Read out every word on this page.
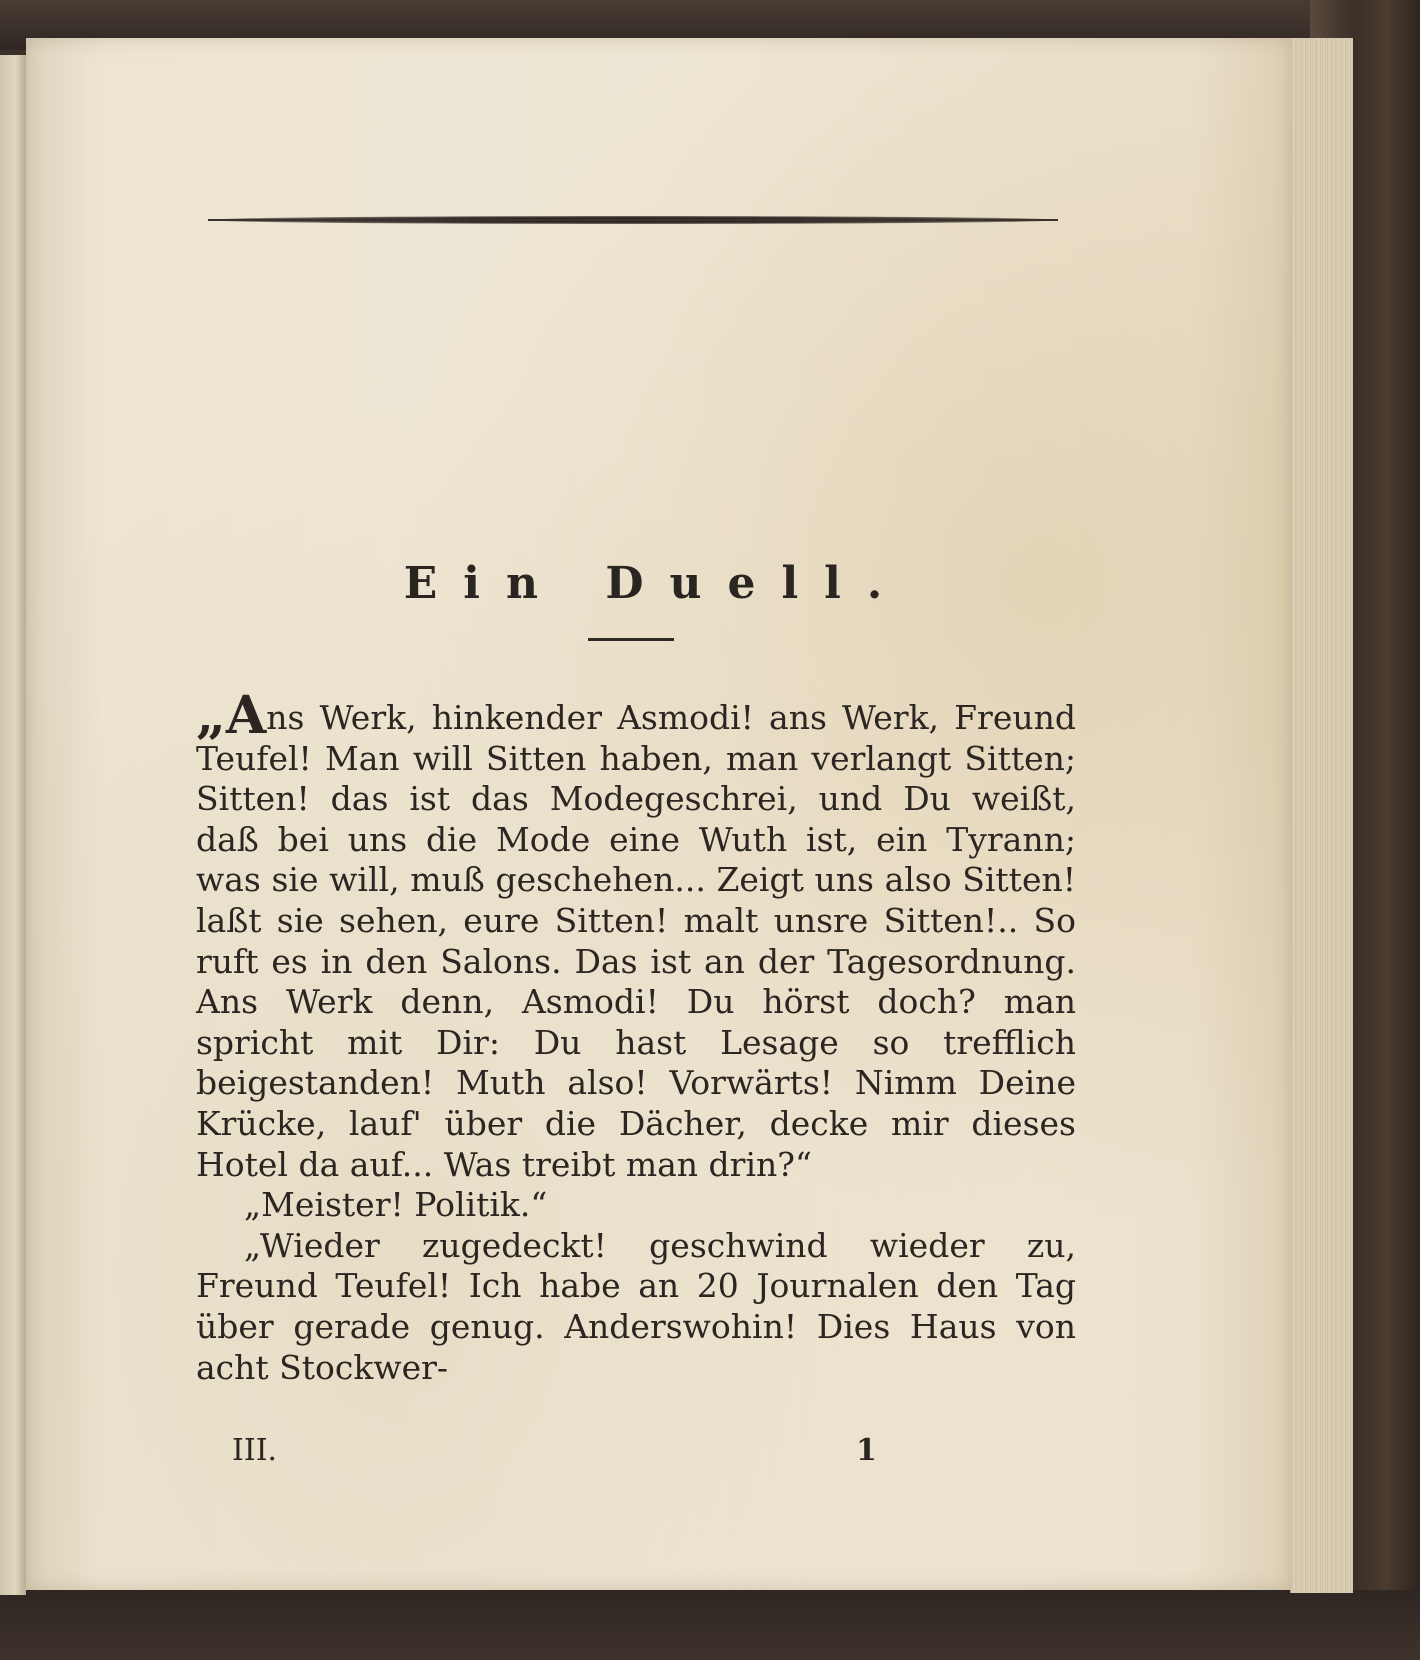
Ein Duell.

„Ans Werk, hinkender Asmodi! ans Werk, Freund Teufel! Man will Sitten haben, man verlangt Sitten; Sitten! das ist das Modegeschrei, und Du weißt, daß bei uns die Mode eine Wuth ist, ein Tyrann; was sie will, muß geschehen... Zeigt uns also Sitten! laßt sie sehen, eure Sitten! malt unsre Sitten!.. So ruft es in den Salons. Das ist an der Tagesordnung. Ans Werk denn, Asmodi! Du hörst doch? man spricht mit Dir: Du hast Lesage so trefflich beigestanden! Muth also! Vorwärts! Nimm Deine Krücke, lauf' über die Dächer, decke mir dieses Hotel da auf... Was treibt man drin?“

„Meister! Politik.“

„Wieder zugedeckt! geschwind wieder zu, Freund Teufel! Ich habe an 20 Journalen den Tag über gerade genug. Anderswohin! Dies Haus von acht Stockwer-

III.	1
